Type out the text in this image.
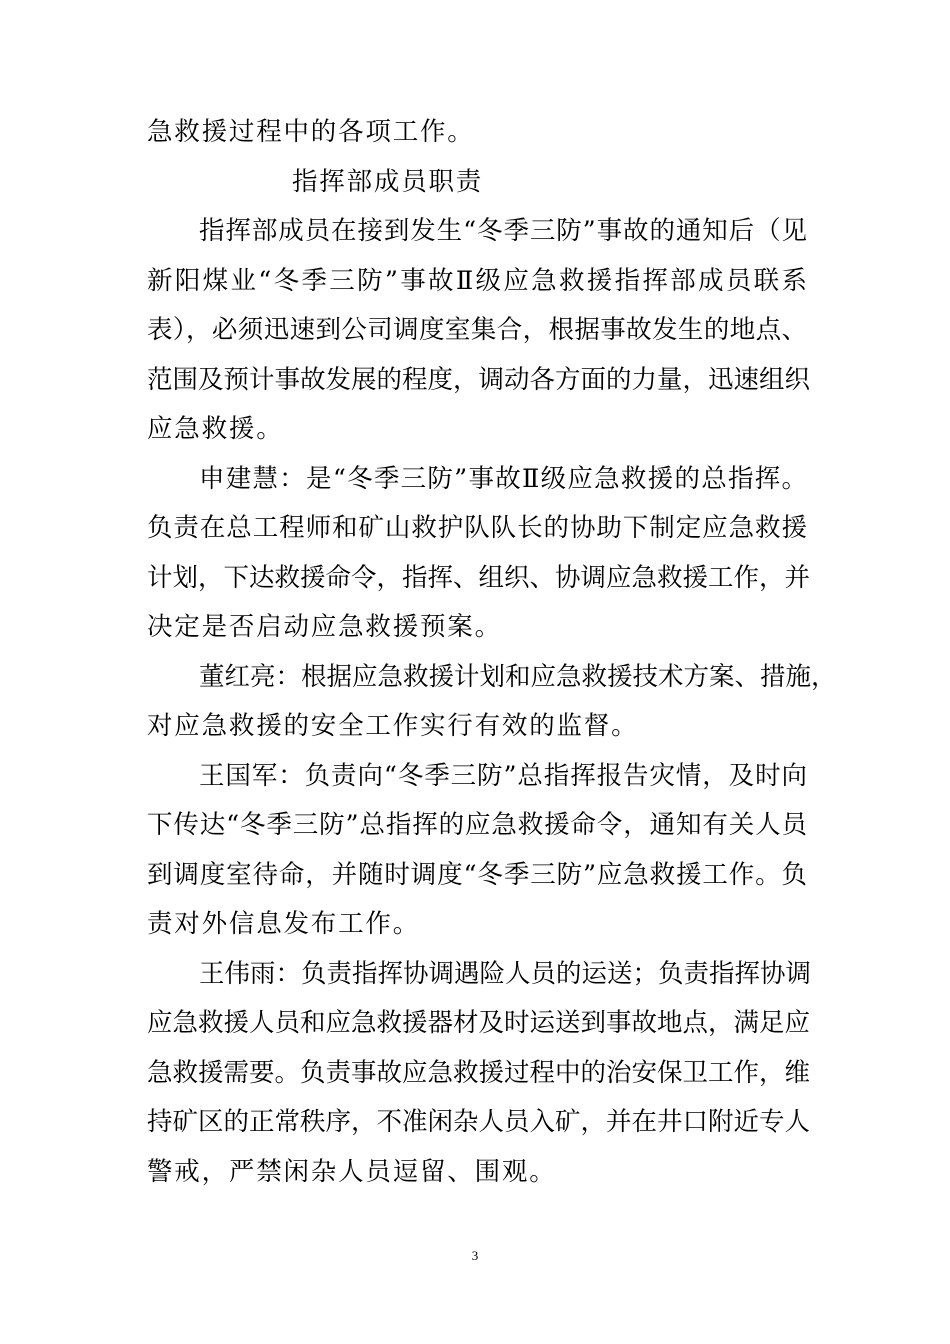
急救援过程中的各项工作。
指挥部成员职责
指挥部成员在接到发生“冬季三防”事故的通知后（见
新阳煤业“冬季三防”事故Ⅱ级应急救援指挥部成员联系
表），必须迅速到公司调度室集合，根据事故发生的地点、
范围及预计事故发展的程度，调动各方面的力量，迅速组织
应急救援。
申建慧：是“冬季三防”事故Ⅱ级应急救援的总指挥。
负责在总工程师和矿山救护队队长的协助下制定应急救援
计划，下达救援命令，指挥、组织、协调应急救援工作，并
决定是否启动应急救援预案。
董红亮：根据应急救援计划和应急救援技术方案、措施，
对应急救援的安全工作实行有效的监督。
王国军：负责向“冬季三防”总指挥报告灾情，及时向
下传达“冬季三防”总指挥的应急救援命令，通知有关人员
到调度室待命，并随时调度“冬季三防”应急救援工作。负
责对外信息发布工作。
王伟雨：负责指挥协调遇险人员的运送；负责指挥协调
应急救援人员和应急救援器材及时运送到事故地点，满足应
急救援需要。负责事故应急救援过程中的治安保卫工作，维
持矿区的正常秩序，不准闲杂人员入矿，并在井口附近专人
警戒，严禁闲杂人员逗留、围观。
3
